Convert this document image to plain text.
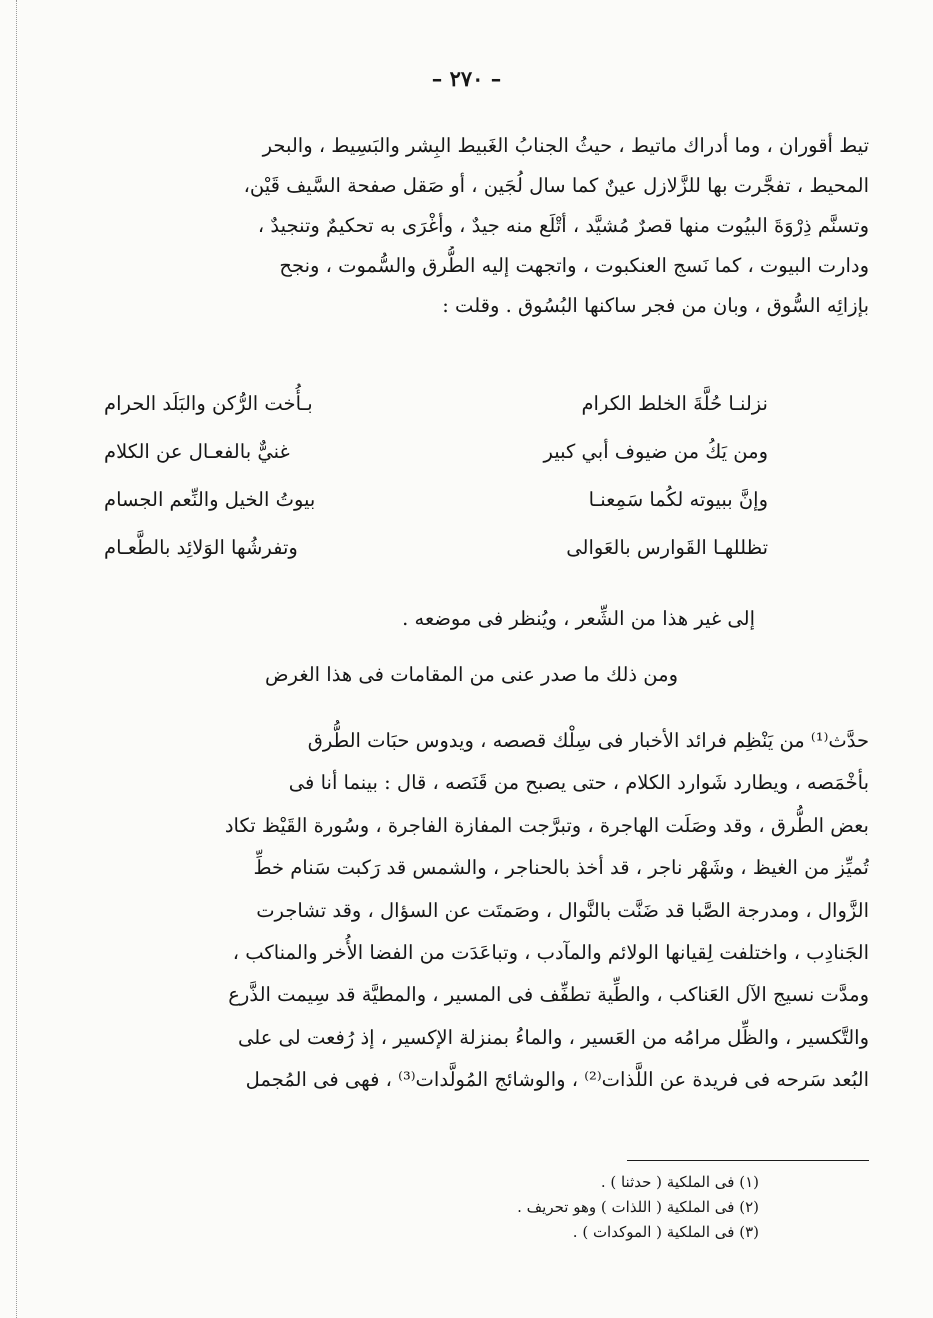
– ٢٧٠ –
تيط أقوران ، وما أدراك ماتيط ، حيثُ الجنابُ الغَبيط البِشر والبَسِيط ، والبحر
المحيط ، تفجَّرت بها للزَّلازل عينٌ كما سال لُجَين ، أو صَقل صفحة السَّيف قَيْن،
وتسنَّم ذِرْوَةَ البيُوت منها قصرٌ مُشيَّد ، أتْلَع منه جيدٌ ، وأغْرَى به تحكيمٌ وتنجيدٌ ،
ودارت البيوت ، كما نَسج العنكبوت ، واتجهت إليه الطُّرق والسُّموت ، ونجح
بإزائِه السُّوق ، وبان من فجر ساكنها البُسُوق . وقلت :
نزلنـا حُلَّةَ الخلط الكرام
بـأُخت الرُّكن والبَلَد الحرام
ومن يَكُ من ضيوف أبي كبير
غنيٌّ بالفعـال عن الكلام
وإنَّ ببيوته لكُما سَمِعنـا
بيوتُ الخيل والنِّعم الجسام
تظللهـا القَوارس بالعَوالى
وتفرشُها الوَلائِد بالطَّعـام
إلى غير هذا من الشِّعر ، ويُنظر فى موضعه .
ومن ذلك ما صدر عنى من المقامات فى هذا الغرض
حدَّث⁽¹⁾ من يَنْظِم فرائد الأخبار فى سِلْك قصصه ، ويدوس حبَات الطُّرق
بأخْمَصه ، ويطارد شَوارد الكلام ، حتى يصبح من قَنَصه ، قال : بينما أنا فى
بعض الطُّرق ، وقد وصَلَت الهاجرة ، وتبرَّجت المفازة الفاجرة ، وسُورة القَيْظ تكاد
تُميِّز من الغيظ ، وشَهْر ناجر ، قد أخذ بالحناجر ، والشمس قد رَكبت سَنام خطِّ
الزَّوال ، ومدرجة الصَّبا قد ضَنَّت بالنَّوال ، وصَمتَت عن السؤال ، وقد تشاجرت
الجَنادِب ، واختلفت لِقيانها الولائم والمآدب ، وتباعَدَت من الفضا الأُخر والمناكب ،
ومدَّت نسيج الآل العَناكب ، والطِّية تطفِّف فى المسير ، والمطيَّة قد سِيمت الذَّرع
والتَّكسير ، والظِّل مرامُه من العَسير ، والماءُ بمنزلة الإكسير ، إذ رُفعت لى على
البُعد سَرحه فى فريدة عن اللَّذات⁽²⁾ ، والوشائج المُولَّدات⁽³⁾ ، فهى فى المُجمل
(١) فى الملكية ( حدثنا ) .
(٢) فى الملكية ( اللذات ) وهو تحريف .
(٣) فى الملكية ( الموكدات ) .
